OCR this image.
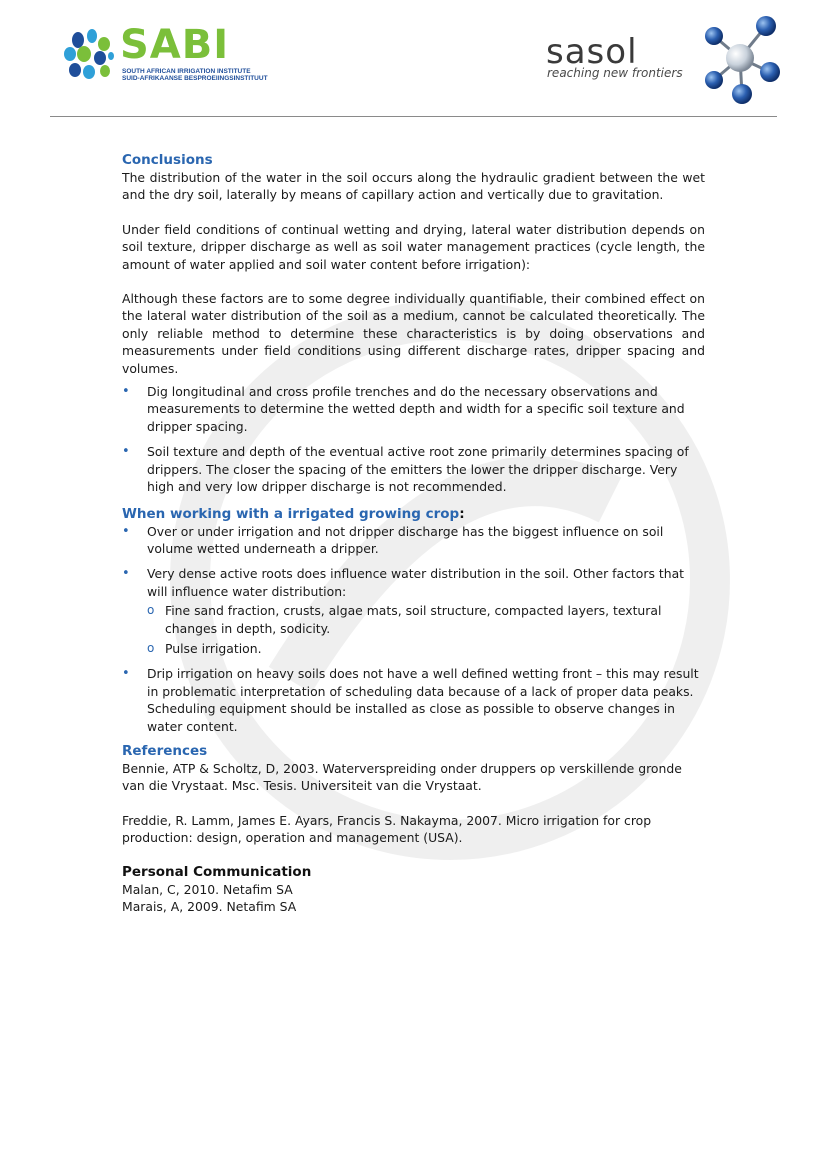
SABI
SOUTH AFRICAN IRRIGATION INSTITUTE
SUID-AFRIKAANSE BESPROEIINGSINSTITUUT
sasol
reaching new frontiers
Conclusions

The distribution of the water in the soil occurs along the hydraulic gradient between the wet and the dry soil, laterally by means of capillary action and vertically due to gravitation.

Under field conditions of continual wetting and drying, lateral water distribution depends on soil texture, dripper discharge as well as soil water management practices (cycle length, the amount of water applied and soil water content before irrigation):

Although these factors are to some degree individually quantifiable, their combined effect on the lateral water distribution of the soil as a medium, cannot be calculated theoretically. The only reliable method to determine these characteristics is by doing observations and measurements under field conditions using different discharge rates, dripper spacing and volumes.

• Dig longitudinal and cross profile trenches and do the necessary observations and measurements to determine the wetted depth and width for a specific soil texture and dripper spacing.
• Soil texture and depth of the eventual active root zone primarily determines spacing of drippers. The closer the spacing of the emitters the lower the dripper discharge. Very high and very low dripper discharge is not recommended.
When working with a irrigated growing crop:
• Over or under irrigation and not dripper discharge has the biggest influence on soil volume wetted underneath a dripper.
• Very dense active roots does influence water distribution in the soil. Other factors that will influence water distribution:
o Fine sand fraction, crusts, algae mats, soil structure, compacted layers, textural changes in depth, sodicity.
o Pulse irrigation.
• Drip irrigation on heavy soils does not have a well defined wetting front – this may result in problematic interpretation of scheduling data because of a lack of proper data peaks. Scheduling equipment should be installed as close as possible to observe changes in water content.
References

Bennie, ATP & Scholtz, D, 2003. Waterverspreiding onder druppers op verskillende gronde van die Vrystaat. Msc. Tesis. Universiteit van die Vrystaat.

Freddie, R. Lamm, James E. Ayars, Francis S. Nakayma, 2007. Micro irrigation for crop production: design, operation and management (USA).

Personal Communication

Malan, C, 2010. Netafim SA

Marais, A, 2009. Netafim SA
